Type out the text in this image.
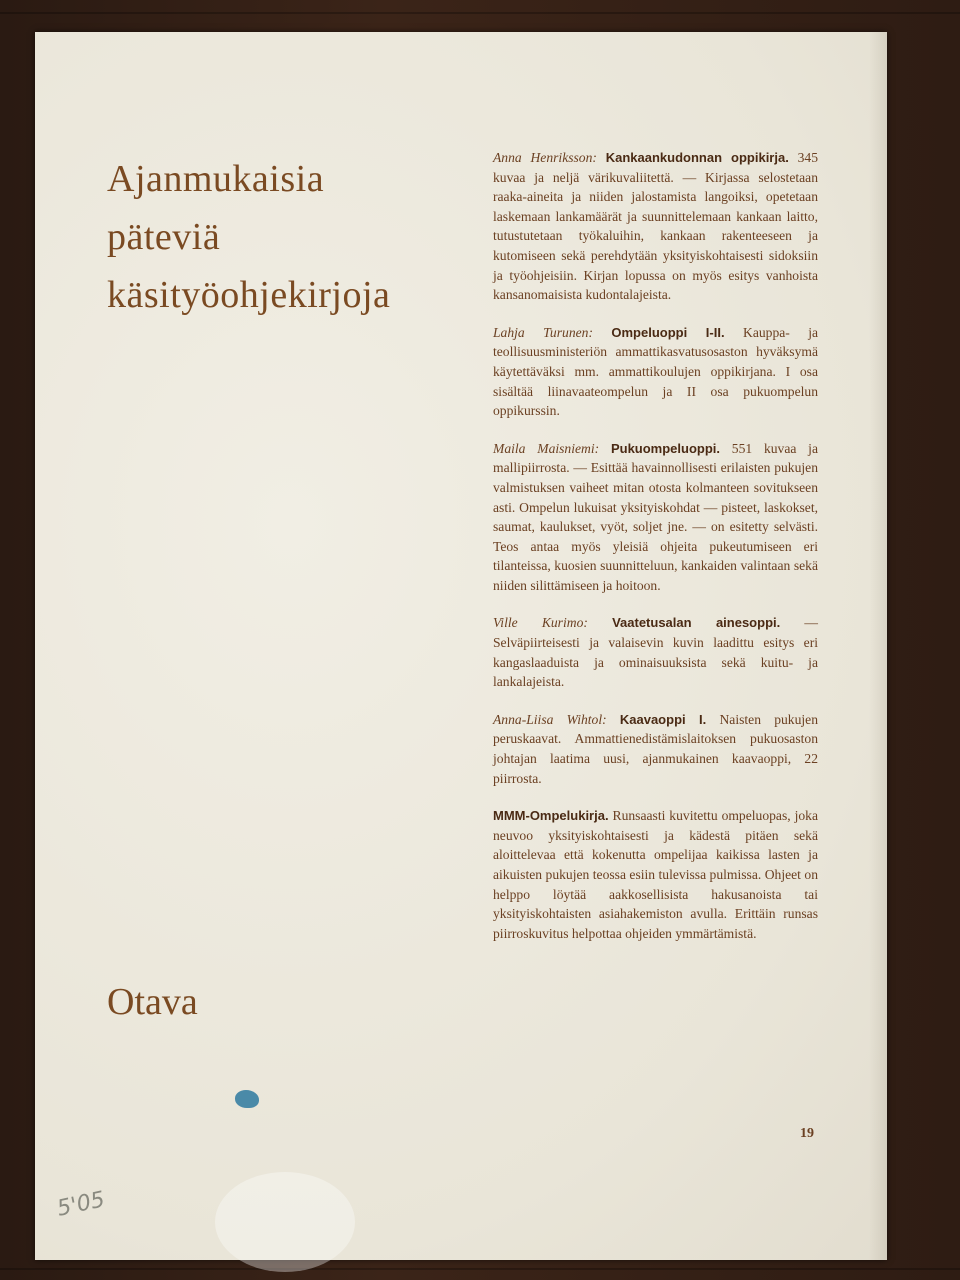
Ajanmukaisia
päteviä
käsityöohjekirjoja

Anna Henriksson: Kankaankudonnan oppikirja. 345 kuvaa ja neljä värikuvaliitettä. — Kirjassa selostetaan raaka-aineita ja niiden jalostamista langoiksi, opetetaan laskemaan lankamäärät ja suunnittelemaan kankaan laitto, tutustutetaan työkaluihin, kankaan rakenteeseen ja kutomiseen sekä perehdytään yksityiskohtaisesti sidoksiin ja työohjeisiin. Kirjan lopussa on myös esitys vanhoista kansanomaisista kudontalajeista.

Lahja Turunen: Ompeluoppi I-II. Kauppa- ja teollisuusministeriön ammattikasvatusosaston hyväksymä käytettäväksi mm. ammattikoulujen oppikirjana. I osa sisältää liinavaateompelun ja II osa pukuompelun oppikurssin.

Maila Maisniemi: Pukuompeluoppi. 551 kuvaa ja mallipiirrosta. — Esittää havainnollisesti erilaisten pukujen valmistuksen vaiheet mitan otosta kolmanteen sovitukseen asti. Ompelun lukuisat yksityiskohdat — pisteet, laskokset, saumat, kaulukset, vyöt, soljet jne. — on esitetty selvästi. Teos antaa myös yleisiä ohjeita pukeutumiseen eri tilanteissa, kuosien suunnitteluun, kankaiden valintaan sekä niiden silittämiseen ja hoitoon.

Ville Kurimo: Vaatetusalan ainesoppi. — Selväpiirteisesti ja valaisevin kuvin laadittu esitys eri kangaslaaduista ja ominaisuuksista sekä kuitu- ja lankalajeista.

Anna-Liisa Wihtol: Kaavaoppi I. Naisten pukujen peruskaavat. Ammattienedistämislaitoksen pukuosaston johtajan laatima uusi, ajanmukainen kaavaoppi, 22 piirrosta.

MMM-Ompelukirja. Runsaasti kuvitettu ompeluopas, joka neuvoo yksityiskohtaisesti ja kädestä pitäen sekä aloittelevaa että kokenutta ompelijaa kaikissa lasten ja aikuisten pukujen teossa esiin tulevissa pulmissa. Ohjeet on helppo löytää aakkosellisista hakusanoista tai yksityiskohtaisten asiahakemiston avulla. Erittäin runsas piirroskuvitus helpottaa ohjeiden ymmärtämistä.

Otava
19
5'05
